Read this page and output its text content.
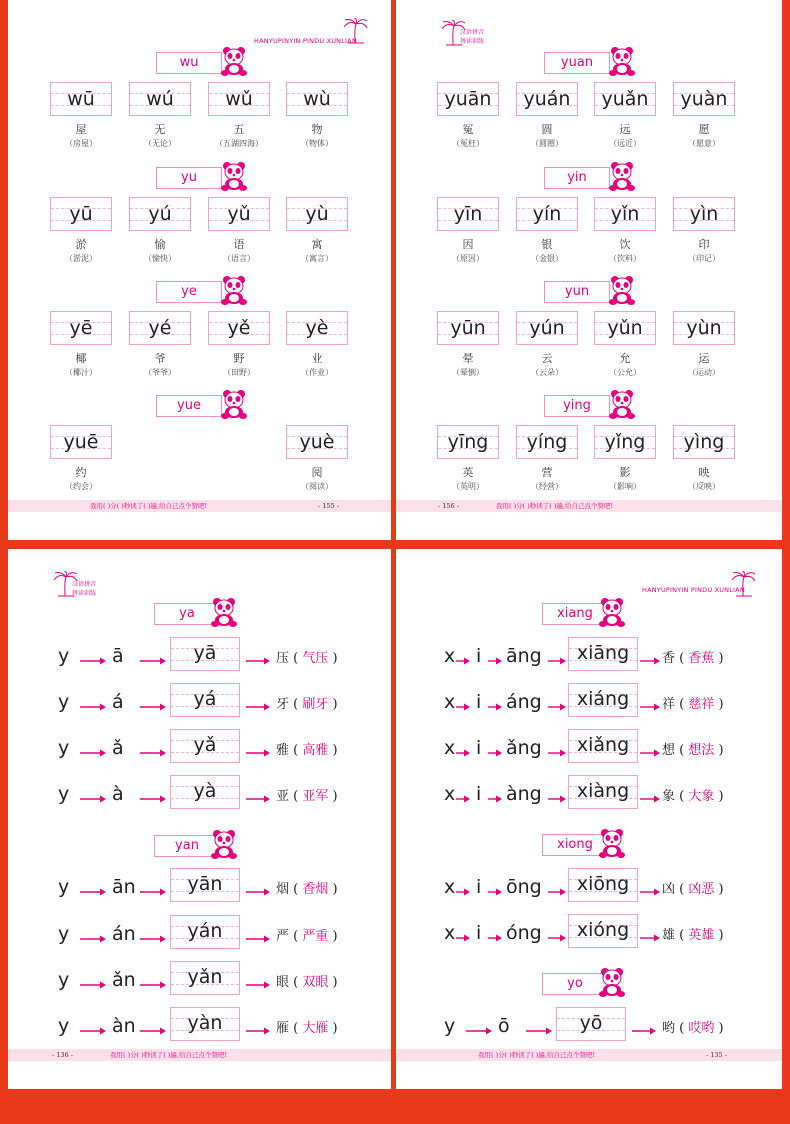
HANYUPINYIN PINDU XUNLIAN
wu
wū
屋
（房屋）
wú
无
（无论）
wǔ
五
（五湖四海）
wù
物
（物体）
yu
yū
淤
（淤泥）
yú
愉
（愉快）
yǔ
语
（语言）
yù
寓
（寓言）
ye
yē
椰
（椰汁）
yé
爷
（爷爷）
yě
野
（田野）
yè
业
（作业）
yue
yuē
约
（约会）
yuè
阅
（阅读）
我用( )分( )秒读了( )遍,给自己点个赞吧!	- 155 -
汉语拼音
拼读训练
yuan
yuān
冤
（冤枉）
yuán
圆
（圆圈）
yuǎn
远
（远近）
yuàn
愿
（愿意）
yin
yīn
因
（原因）
yín
银
（金银）
yǐn
饮
（饮料）
yìn
印
（印记）
yun
yūn
晕
（晕倒）
yún
云
（云朵）
yǔn
允
（公允）
yùn
运
（运动）
ying
yīng
英
（英明）
yíng
营
（经营）
yǐng
影
（影响）
yìng
映
（反映）
- 156 -	我用( )分( )秒读了( )遍,给自己点个赞吧!
汉语拼音
拼读训练
ya
y ā	yā	压 ( 气压 )
y á	yá	牙 ( 刷牙 )
y ǎ	yǎ	雅 ( 高雅 )
y à	yà	亚 ( 亚军 )
yan
y ān	yān	烟 ( 香烟 )
y án	yán	严 ( 严重 )
y ǎn	yǎn	眼 ( 双眼 )
y àn	yàn	雁 ( 大雁 )
- 136 -	我用( )分( )秒读了( )遍,给自己点个赞吧!
HANYUPINYIN PINDU XUNLIAN
xiang
x i āng	xiāng	香 ( 香蕉 )
x i áng	xiáng	祥 ( 慈祥 )
x i ǎng	xiǎng	想 ( 想法 )
x i àng	xiàng	象 ( 大象 )
xiong
x i ōng	xiōng	凶 ( 凶恶 )
x i óng	xióng	雄 ( 英雄 )
yo
y ō	yō	哟 ( 哎哟 )
我用( )分( )秒读了( )遍,给自己点个赞吧!	- 135 -
